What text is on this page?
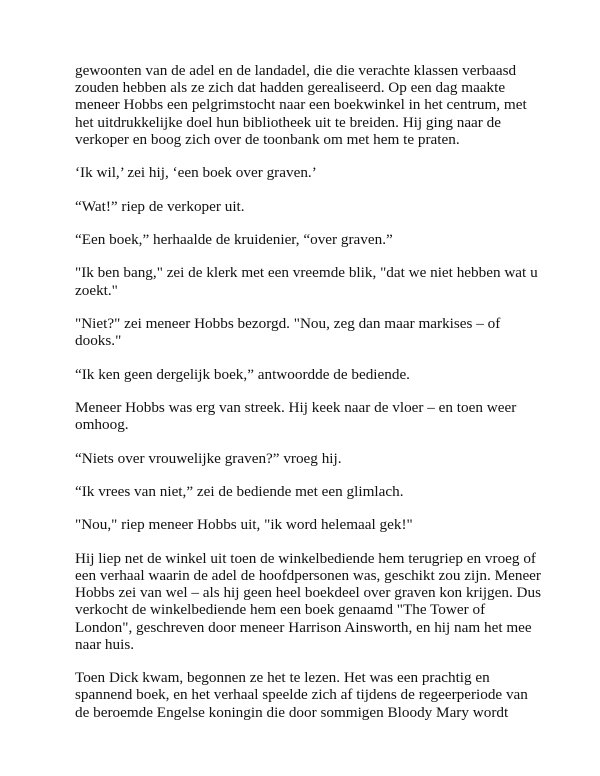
gewoonten van de adel en de landadel, die die verachte klassen verbaasd zouden hebben als ze zich dat hadden gerealiseerd. Op een dag maakte meneer Hobbs een pelgrimstocht naar een boekwinkel in het centrum, met het uitdrukkelijke doel hun bibliotheek uit te breiden. Hij ging naar de verkoper en boog zich over de toonbank om met hem te praten.

‘Ik wil,’ zei hij, ‘een boek over graven.’

“Wat!” riep de verkoper uit.

“Een boek,” herhaalde de kruidenier, “over graven.”

"Ik ben bang," zei de klerk met een vreemde blik, "dat we niet hebben wat u zoekt."

"Niet?" zei meneer Hobbs bezorgd. "Nou, zeg dan maar markises – of dooks."

“Ik ken geen dergelijk boek,” antwoordde de bediende.

Meneer Hobbs was erg van streek. Hij keek naar de vloer – en toen weer omhoog.

“Niets over vrouwelijke graven?” vroeg hij.

“Ik vrees van niet,” zei de bediende met een glimlach.

"Nou," riep meneer Hobbs uit, "ik word helemaal gek!"

Hij liep net de winkel uit toen de winkelbediende hem terugriep en vroeg of een verhaal waarin de adel de hoofdpersonen was, geschikt zou zijn. Meneer Hobbs zei van wel – als hij geen heel boekdeel over graven kon krijgen. Dus verkocht de winkelbediende hem een boek genaamd "The Tower of London", geschreven door meneer Harrison Ainsworth, en hij nam het mee naar huis.

Toen Dick kwam, begonnen ze het te lezen. Het was een prachtig en spannend boek, en het verhaal speelde zich af tijdens de regeerperiode van de beroemde Engelse koningin die door sommigen Bloody Mary wordt
